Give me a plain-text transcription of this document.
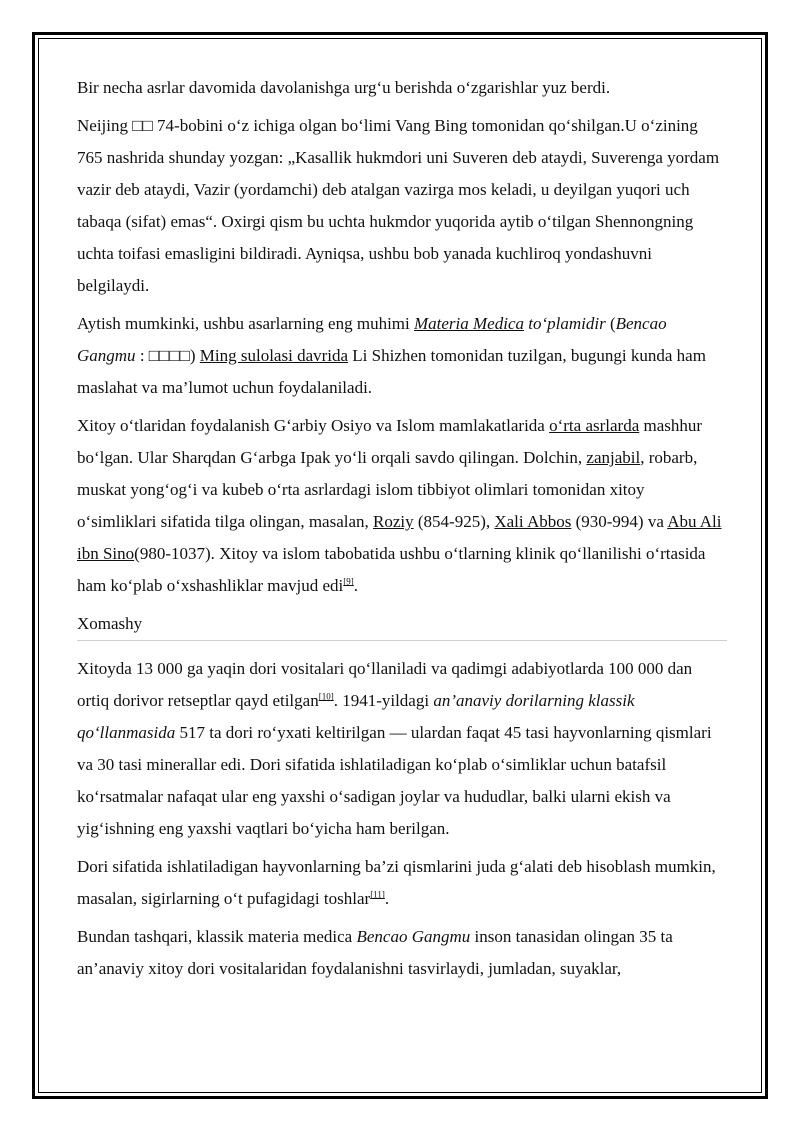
Bir necha asrlar davomida davolanishga urg‘u berishda o‘zgarishlar yuz berdi.

Neijing □□ 74-bobini o‘z ichiga olgan bo‘limi Vang Bing tomonidan qo‘shilgan.U o‘zining 765 nashrida shunday yozgan: „Kasallik hukmdori uni Suveren deb ataydi, Suverenga yordam vazir deb ataydi, Vazir (yordamchi) deb atalgan vazirga mos keladi, u deyilgan yuqori uch tabaqa (sifat) emas“. Oxirgi qism bu uchta hukmdor yuqorida aytib o‘tilgan Shennongning uchta toifasi emasligini bildiradi. Ayniqsa, ushbu bob yanada kuchliroq yondashuvni belgilaydi.

Aytish mumkinki, ushbu asarlarning eng muhimi Materia Medica to‘plamidir (Bencao Gangmu : □□□□) Ming sulolasi davrida Li Shizhen tomonidan tuzilgan, bugungi kunda ham maslahat va ma’lumot uchun foydalaniladi.

Xitoy o‘tlaridan foydalanish G‘arbiy Osiyo va Islom mamlakatlarida o‘rta asrlarda mashhur bo‘lgan. Ular Sharqdan G‘arbga Ipak yo‘li orqali savdo qilingan. Dolchin, zanjabil, robarb, muskat yong‘og‘i va kubeb o‘rta asrlardagi islom tibbiyot olimlari tomonidan xitoy o‘simliklari sifatida tilga olingan, masalan, Roziy (854-925), Xali Abbos (930-994) va Abu Ali ibn Sino(980-1037). Xitoy va islom tabobatida ushbu o‘tlarning klinik qo‘llanilishi o‘rtasida ham ko‘plab o‘xshashliklar mavjud edi[9].

Xomashy

Xitoyda 13 000 ga yaqin dori vositalari qo‘llaniladi va qadimgi adabiyotlarda 100 000 dan ortiq dorivor retseptlar qayd etilgan[10]. 1941-yildagi an’anaviy dorilarning klassik qo‘llanmasida 517 ta dori ro‘yxati keltirilgan — ulardan faqat 45 tasi hayvonlarning qismlari va 30 tasi minerallar edi. Dori sifatida ishlatiladigan ko‘plab o‘simliklar uchun batafsil ko‘rsatmalar nafaqat ular eng yaxshi o‘sadigan joylar va hududlar, balki ularni ekish va yig‘ishning eng yaxshi vaqtlari bo‘yicha ham berilgan.

Dori sifatida ishlatiladigan hayvonlarning ba’zi qismlarini juda g‘alati deb hisoblash mumkin, masalan, sigirlarning o‘t pufagidagi toshlar[11].

Bundan tashqari, klassik materia medica Bencao Gangmu inson tanasidan olingan 35 ta an’anaviy xitoy dori vositalaridan foydalanishni tasvirlaydi, jumladan, suyaklar,
